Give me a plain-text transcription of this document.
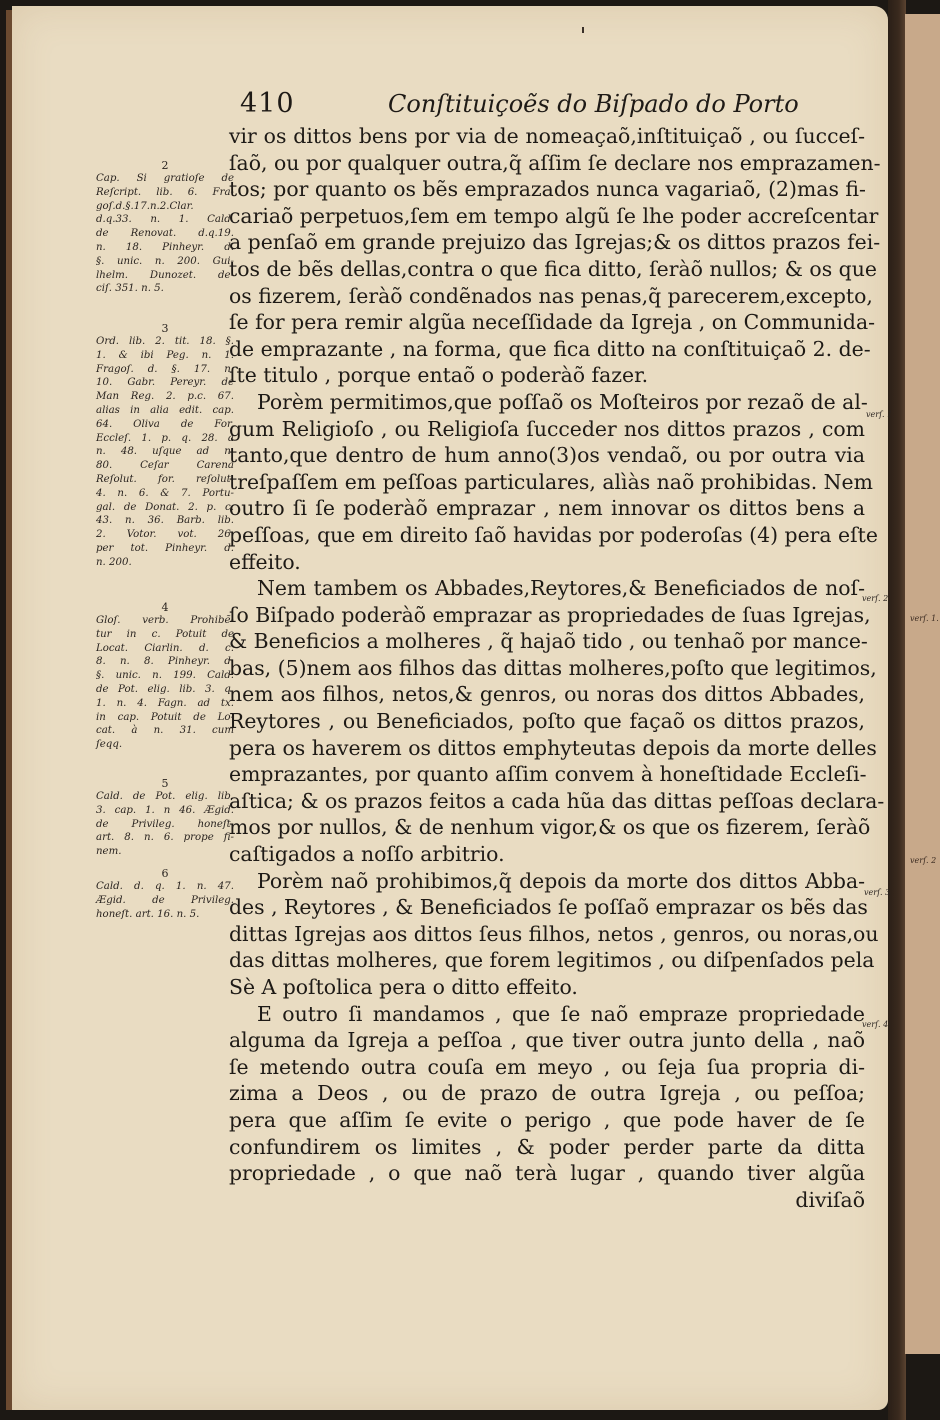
410	Conſtituiçoẽs do Biſpado do Porto
vir os dittos bens por via de nomeaçaõ,inſtituiçaõ , ou ſucceſ-
ſaõ, ou por qualquer outra,q̃ aſſim ſe declare nos emprazamen-
tos; por quanto os bẽs emprazados nunca vagariaõ, (2)mas fi-
cariaõ perpetuos,ſem em tempo algũ ſe lhe poder accreſcentar
a penſaõ em grande prejuizo das Igrejas;& os dittos prazos fei-
tos de bẽs dellas,contra o que fica ditto, ſeràõ nullos; & os que
os fizerem, ſeràõ condẽnados nas penas,q̃ parecerem,excepto,
ſe for pera remir algũa neceſſidade da Igreja , on Communida-
de emprazante , na forma, que fica ditto na conſtituiçaõ 2. de-
ſte titulo , porque entaõ o poderàõ fazer.
Porèm permitimos,que poſſaõ os Moſteiros por rezaõ de al-
gum Religioſo , ou Religioſa ſucceder nos dittos prazos , com
tanto,que dentro de hum anno(3)os vendaõ, ou por outra via
treſpaſſem em peſſoas particulares, alìàs naõ prohibidas. Nem
outro ſi ſe poderàõ emprazar , nem innovar os dittos bens a
peſſoas, que em direito ſaõ havidas por poderoſas (4) pera eſte
effeito.
Nem tambem os Abbades,Reytores,& Beneficiados de noſ-
ſo Biſpado poderàõ emprazar as propriedades de ſuas Igrejas,
& Beneficios a molheres , q̃ hajaõ tido , ou tenhaõ por mance-
bas, (5)nem aos filhos das dittas molheres,poſto que legitimos,
nem aos filhos, netos,& genros, ou noras dos dittos Abbades,
Reytores , ou Beneficiados, poſto que façaõ os dittos prazos,
pera os haverem os dittos emphyteutas depois da morte delles
emprazantes, por quanto aſſim convem à honeſtidade Eccleſi-
aſtica; & os prazos feitos a cada hũa das dittas peſſoas declara-
mos por nullos, & de nenhum vigor,& os que os fizerem, ſeràõ
caſtigados a noſſo arbitrio.
Porèm naõ prohibimos,q̃ depois da morte dos dittos Abba-
des , Reytores , & Beneficiados ſe poſſaõ emprazar os bẽs das
dittas Igrejas aos dittos ſeus filhos, netos , genros, ou noras,ou
das dittas molheres, que forem legitimos , ou diſpenſados pela
Sè A poſtolica pera o ditto effeito.
E outro ſi mandamos , que ſe naõ empraze propriedade
alguma da Igreja a peſſoa , que tiver outra junto della , naõ
ſe metendo outra couſa em meyo , ou ſeja ſua propria di-
zima a Deos , ou de prazo de outra Igreja , ou peſſoa;
pera que aſſim ſe evite o perigo , que pode haver de ſe
confundirem os limites , & poder perder parte da ditta
propriedade , o que naõ terà lugar , quando tiver algũa
diviſaõ
2
Cap. Si gratioſe de
Reſcript. lib. 6. Fra-
goſ.d.§.17.n.2.Clar.
d.q.33. n. 1. Cald.
de Renovat. d.q.19.
n. 18. Pinheyr. d.
§. unic. n. 200. Gui-
lhelm. Dunozet. de-
ciſ. 351. n. 5.
3
Ord. lib. 2. tit. 18. §.
1. & ibi Peg. n. 1.
Fragoſ. d. §. 17. n.
10. Gabr. Pereyr. de
Man Reg. 2. p.c. 67.
alias in alia edit. cap.
64. Oliva de For.
Eccleſ. 1. p. q. 28. a
n. 48. uſque ad n.
80. Ceſar Carena
Reſolut. for. reſolut.
4. n. 6. & 7. Portu-
gal. de Donat. 2. p. c.
43. n. 36. Barb. lib.
2. Votor. vot. 26.
per tot. Pinheyr. d.
n. 200.
4
Gloſ. verb. Prohibẽ-
tur in c. Potuit de
Locat. Ciarlin. d. c.
8. n. 8. Pinheyr. d.
§. unic. n. 199. Cald.
de Pot. elig. lib. 3. q.
1. n. 4. Fagn. ad tx.
in cap. Potuit de Lo-
cat. à n. 31. cum
ſeqq.
5
Cald. de Pot. elig. lib.
3. cap. 1. n 46. Ægid.
de Privileg. honeſt.
art. 8. n. 6. prope fi-
nem.
6
Cald. d. q. 1. n. 47.
Ægid. de Privileg.
honeſt. art. 16. n. 5.
verſ. 1
verſ. 2
verſ. 3
verſ. 4
verſ. 1.
verſ. 2
